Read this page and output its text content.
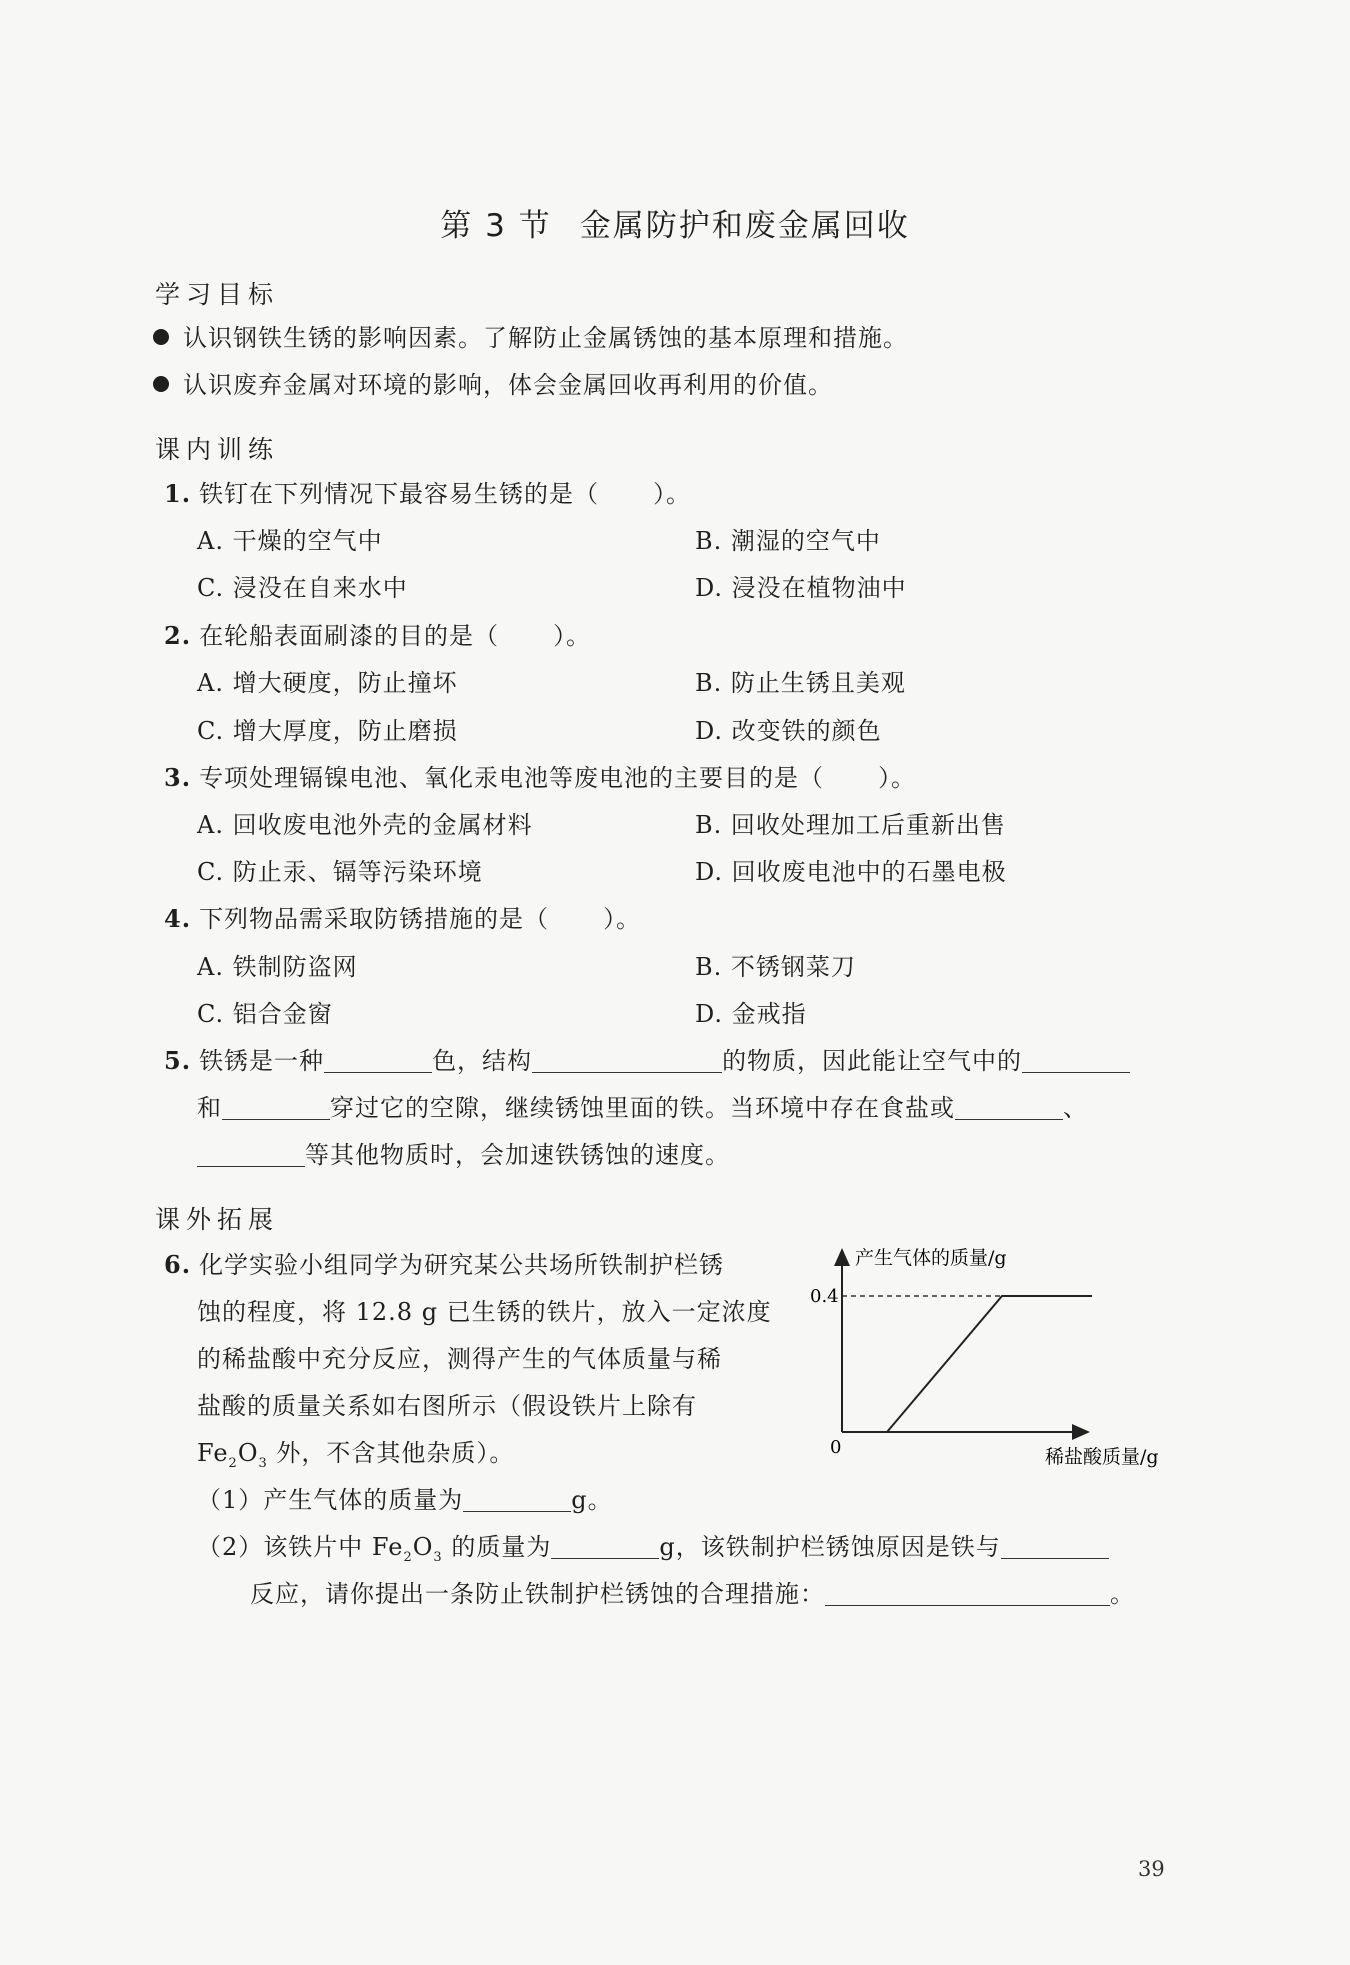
第 3 节 金属防护和废金属回收
学习目标
认识钢铁生锈的影响因素。了解防止金属锈蚀的基本原理和措施。
认识废弃金属对环境的影响，体会金属回收再利用的价值。
课内训练
1. 铁钉在下列情况下最容易生锈的是（ ）。
A. 干燥的空气中	B. 潮湿的空气中
C. 浸没在自来水中	D. 浸没在植物油中
2. 在轮船表面刷漆的目的是（ ）。
A. 增大硬度，防止撞坏	B. 防止生锈且美观
C. 增大厚度，防止磨损	D. 改变铁的颜色
3. 专项处理镉镍电池、氧化汞电池等废电池的主要目的是（ ）。
A. 回收废电池外壳的金属材料	B. 回收处理加工后重新出售
C. 防止汞、镉等污染环境	D. 回收废电池中的石墨电极
4. 下列物品需采取防锈措施的是（ ）。
A. 铁制防盗网	B. 不锈钢菜刀
C. 铝合金窗	D. 金戒指
5. 铁锈是一种	色，结构	的物质，因此能让空气中的
和	穿过它的空隙，继续锈蚀里面的铁。当环境中存在食盐或	、
等其他物质时，会加速铁锈蚀的速度。
课外拓展
6. 化学实验小组同学为研究某公共场所铁制护栏锈
蚀的程度，将 12.8 g 已生锈的铁片，放入一定浓度
的稀盐酸中充分反应，测得产生的气体质量与稀
盐酸的质量关系如右图所示（假设铁片上除有
$Fe_2O_3$ 外，不含其他杂质）。
（1）产生气体的质量为	g。
（2）该铁片中 $Fe_2O_3$ 的质量为	g，该铁制护栏锈蚀原因是铁与
反应，请你提出一条防止铁制护栏锈蚀的合理措施：	。
产生气体的质量/g
稀盐酸质量/g
0
0.4
39
